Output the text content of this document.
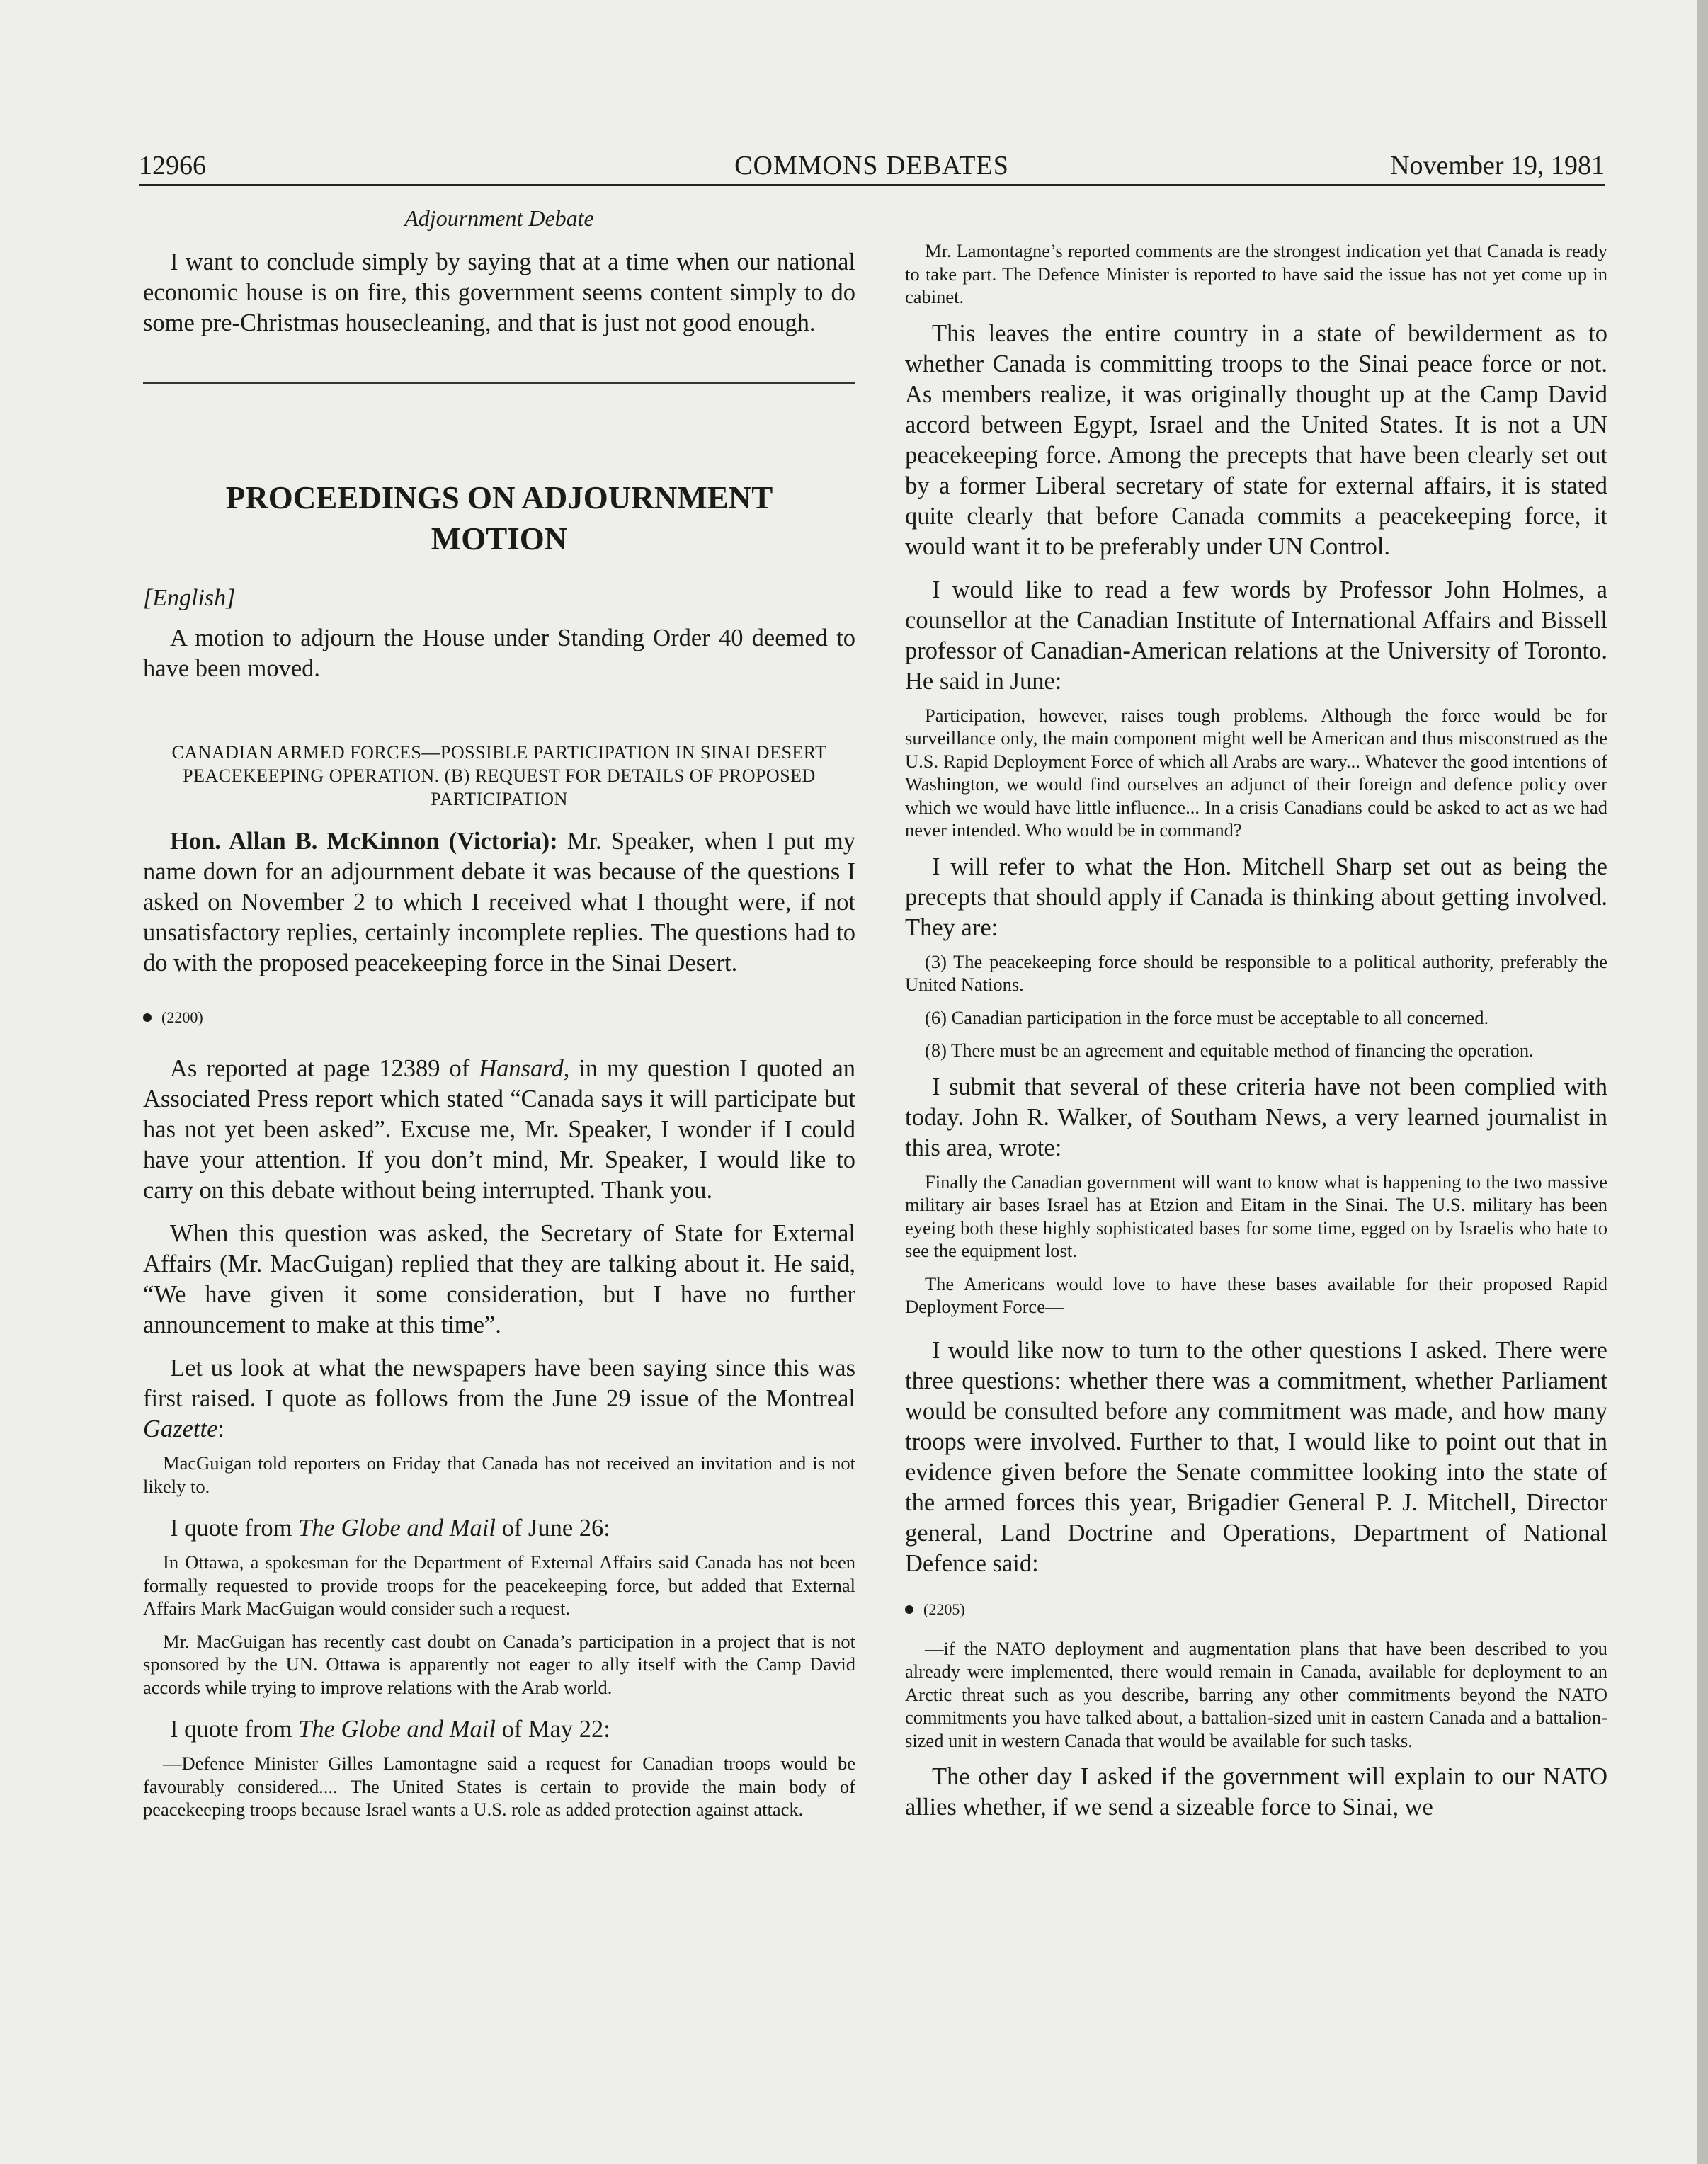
12966	COMMONS DEBATES	November 19, 1981
Adjournment Debate

I want to conclude simply by saying that at a time when our national economic house is on fire, this government seems content simply to do some pre-Christmas housecleaning, and that is just not good enough.

PROCEEDINGS ON ADJOURNMENT
MOTION
[English]

A motion to adjourn the House under Standing Order 40 deemed to have been moved.

CANADIAN ARMED FORCES—POSSIBLE PARTICIPATION IN SINAI DESERT PEACEKEEPING OPERATION. (B) REQUEST FOR DETAILS OF PROPOSED PARTICIPATION

Hon. Allan B. McKinnon (Victoria): Mr. Speaker, when I put my name down for an adjournment debate it was because of the questions I asked on November 2 to which I received what I thought were, if not unsatisfactory replies, certainly incomplete replies. The questions had to do with the proposed peacekeeping force in the Sinai Desert.

(2200)

As reported at page 12389 of Hansard, in my question I quoted an Associated Press report which stated “Canada says it will participate but has not yet been asked”. Excuse me, Mr. Speaker, I wonder if I could have your attention. If you don’t mind, Mr. Speaker, I would like to carry on this debate without being interrupted. Thank you.

When this question was asked, the Secretary of State for External Affairs (Mr. MacGuigan) replied that they are talking about it. He said, “We have given it some consideration, but I have no further announcement to make at this time”.

Let us look at what the newspapers have been saying since this was first raised. I quote as follows from the June 29 issue of the Montreal Gazette:

MacGuigan told reporters on Friday that Canada has not received an invitation and is not likely to.

I quote from The Globe and Mail of June 26:

In Ottawa, a spokesman for the Department of External Affairs said Canada has not been formally requested to provide troops for the peacekeeping force, but added that External Affairs Mark MacGuigan would consider such a request.

Mr. MacGuigan has recently cast doubt on Canada’s participation in a project that is not sponsored by the UN. Ottawa is apparently not eager to ally itself with the Camp David accords while trying to improve relations with the Arab world.

I quote from The Globe and Mail of May 22:

—Defence Minister Gilles Lamontagne said a request for Canadian troops would be favourably considered.... The United States is certain to provide the main body of peacekeeping troops because Israel wants a U.S. role as added protection against attack.

Mr. Lamontagne’s reported comments are the strongest indication yet that Canada is ready to take part. The Defence Minister is reported to have said the issue has not yet come up in cabinet.

This leaves the entire country in a state of bewilderment as to whether Canada is committing troops to the Sinai peace force or not. As members realize, it was originally thought up at the Camp David accord between Egypt, Israel and the United States. It is not a UN peacekeeping force. Among the precepts that have been clearly set out by a former Liberal secretary of state for external affairs, it is stated quite clearly that before Canada commits a peacekeeping force, it would want it to be preferably under UN Control.

I would like to read a few words by Professor John Holmes, a counsellor at the Canadian Institute of International Affairs and Bissell professor of Canadian-American relations at the University of Toronto. He said in June:

Participation, however, raises tough problems. Although the force would be for surveillance only, the main component might well be American and thus misconstrued as the U.S. Rapid Deployment Force of which all Arabs are wary... Whatever the good intentions of Washington, we would find ourselves an adjunct of their foreign and defence policy over which we would have little influence... In a crisis Canadians could be asked to act as we had never intended. Who would be in command?

I will refer to what the Hon. Mitchell Sharp set out as being the precepts that should apply if Canada is thinking about getting involved. They are:

(3) The peacekeeping force should be responsible to a political authority, preferably the United Nations.

(6) Canadian participation in the force must be acceptable to all concerned.

(8) There must be an agreement and equitable method of financing the operation.

I submit that several of these criteria have not been complied with today. John R. Walker, of Southam News, a very learned journalist in this area, wrote:

Finally the Canadian government will want to know what is happening to the two massive military air bases Israel has at Etzion and Eitam in the Sinai. The U.S. military has been eyeing both these highly sophisticated bases for some time, egged on by Israelis who hate to see the equipment lost.

The Americans would love to have these bases available for their proposed Rapid Deployment Force—

I would like now to turn to the other questions I asked. There were three questions: whether there was a commitment, whether Parliament would be consulted before any commitment was made, and how many troops were involved. Further to that, I would like to point out that in evidence given before the Senate committee looking into the state of the armed forces this year, Brigadier General P. J. Mitchell, Director general, Land Doctrine and Operations, Department of National Defence said:

(2205)

—if the NATO deployment and augmentation plans that have been described to you already were implemented, there would remain in Canada, available for deployment to an Arctic threat such as you describe, barring any other commitments beyond the NATO commitments you have talked about, a battalion-sized unit in eastern Canada and a battalion-sized unit in western Canada that would be available for such tasks.

The other day I asked if the government will explain to our NATO allies whether, if we send a sizeable force to Sinai, we
